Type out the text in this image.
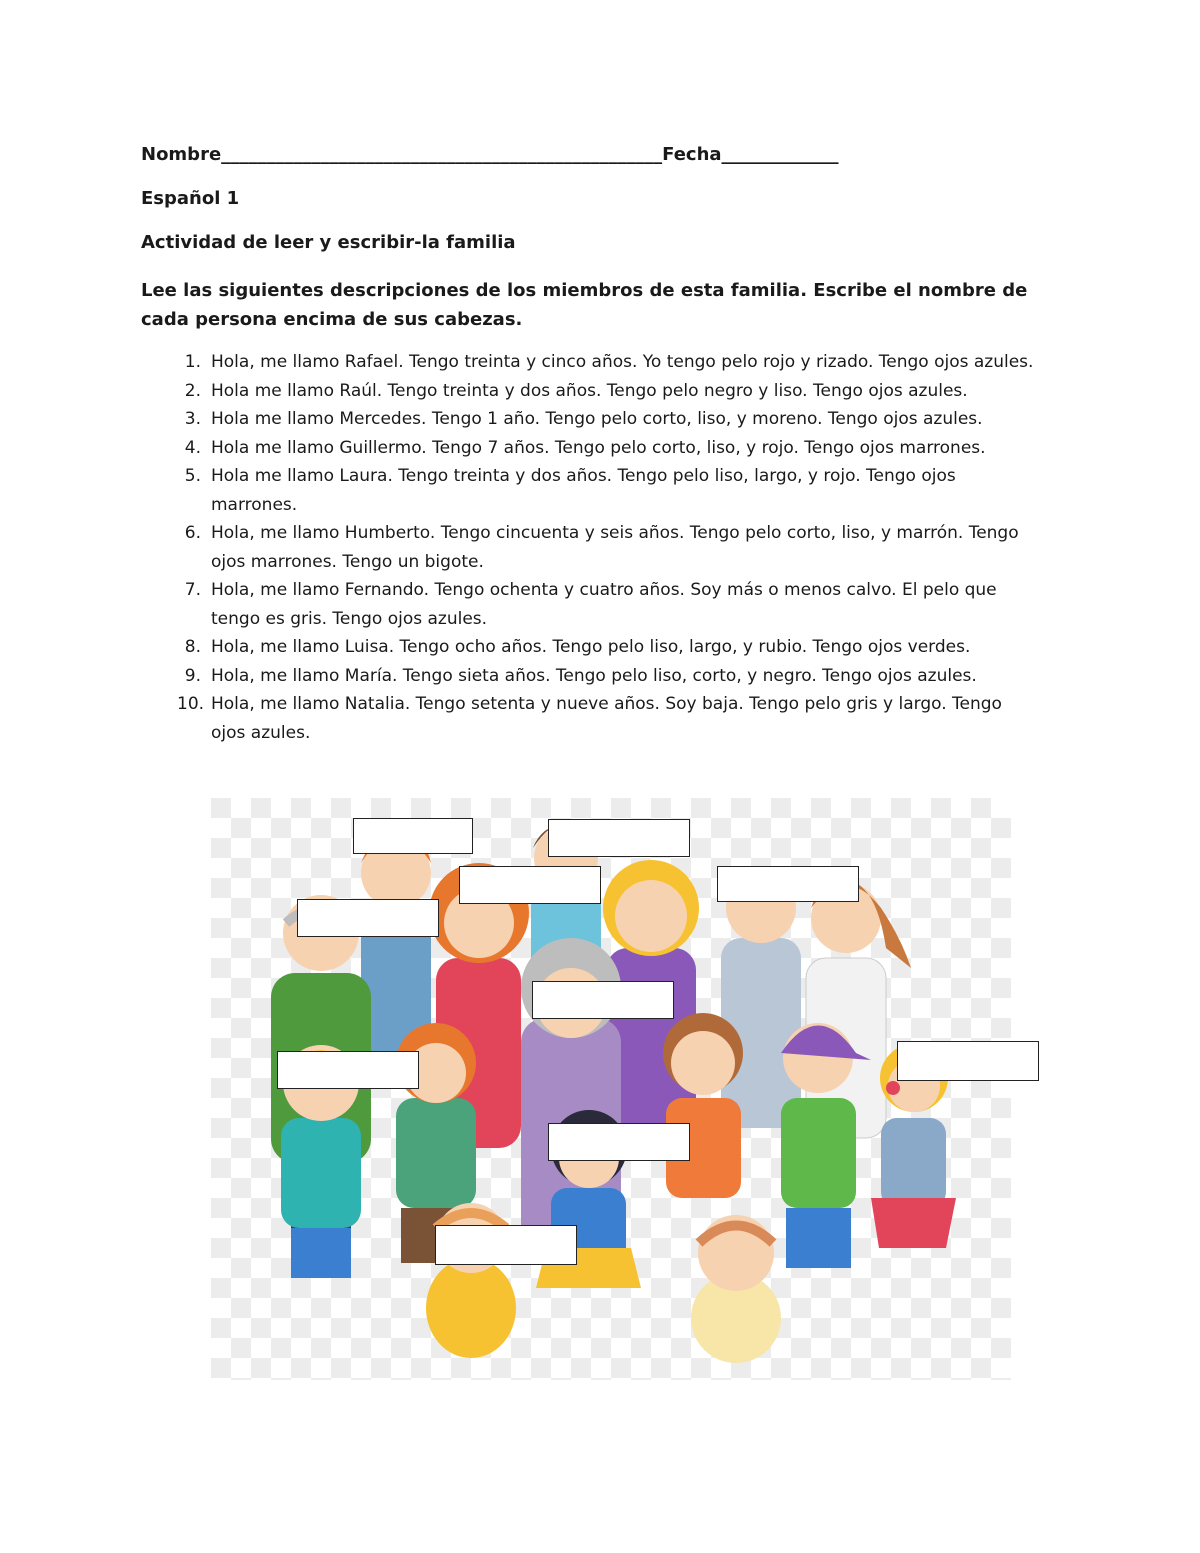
Nombre_________________________________________________Fecha_____________
Español 1
Actividad de leer y escribir-la familia
Lee las siguientes descripciones de los miembros de esta familia. Escribe el nombre de cada persona encima de sus cabezas.
1. Hola, me llamo Rafael. Tengo treinta y cinco años. Yo tengo pelo rojo y rizado. Tengo ojos azules.
2. Hola me llamo Raúl. Tengo treinta y dos años. Tengo pelo negro y liso. Tengo ojos azules.
3. Hola me llamo Mercedes. Tengo 1 año. Tengo pelo corto, liso, y moreno. Tengo ojos azules.
4. Hola me llamo Guillermo. Tengo 7 años. Tengo pelo corto, liso, y rojo. Tengo ojos marrones.
5. Hola me llamo Laura. Tengo treinta y dos años. Tengo pelo liso, largo, y rojo. Tengo ojos marrones.
6. Hola, me llamo Humberto. Tengo cincuenta y seis años. Tengo pelo corto, liso, y marrón. Tengo ojos marrones. Tengo un bigote.
7. Hola, me llamo Fernando. Tengo ochenta y cuatro años. Soy más o menos calvo. El pelo que tengo es gris. Tengo ojos azules.
8. Hola, me llamo Luisa. Tengo ocho años. Tengo pelo liso, largo, y rubio. Tengo ojos verdes.
9. Hola, me llamo María. Tengo sieta años. Tengo pelo liso, corto, y negro. Tengo ojos azules.
10. Hola, me llamo Natalia. Tengo setenta y nueve años. Soy baja. Tengo pelo gris y largo. Tengo ojos azules.
